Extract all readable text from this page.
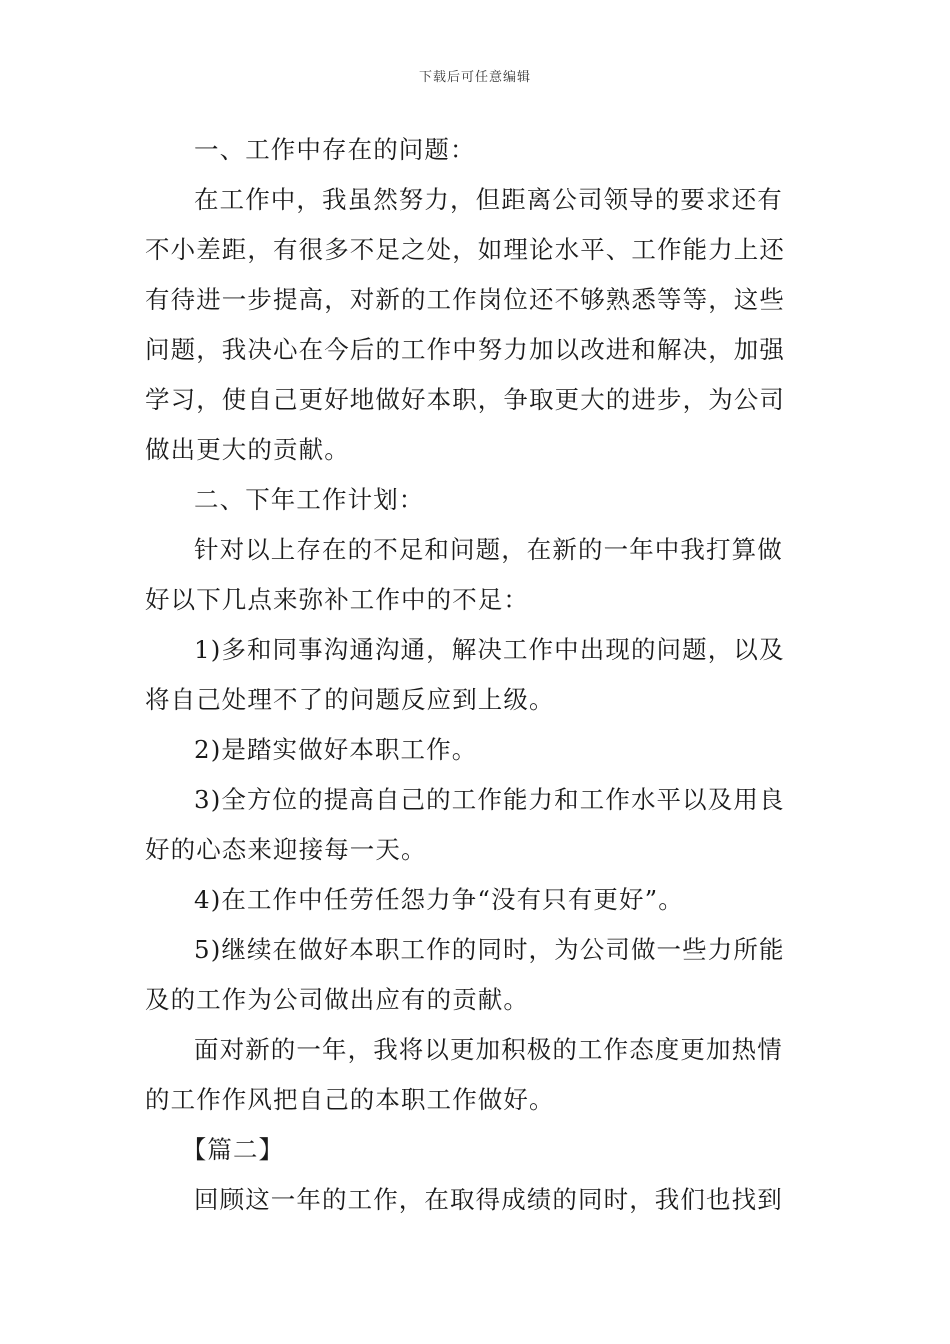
下载后可任意编辑

一、工作中存在的问题：

在工作中，我虽然努力，但距离公司领导的要求还有不小差距，有很多不足之处，如理论水平、工作能力上还有待进一步提高，对新的工作岗位还不够熟悉等等，这些问题，我决心在今后的工作中努力加以改进和解决，加强学习，使自己更好地做好本职，争取更大的进步，为公司做出更大的贡献。

二、下年工作计划：

针对以上存在的不足和问题，在新的一年中我打算做好以下几点来弥补工作中的不足：

1)多和同事沟通沟通，解决工作中出现的问题，以及将自己处理不了的问题反应到上级。

2)是踏实做好本职工作。

3)全方位的提高自己的工作能力和工作水平以及用良好的心态来迎接每一天。

4)在工作中任劳任怨力争“没有只有更好”。

5)继续在做好本职工作的同时，为公司做一些力所能及的工作为公司做出应有的贡献。

面对新的一年，我将以更加积极的工作态度更加热情的工作作风把自己的本职工作做好。

【篇二】

回顾这一年的工作，在取得成绩的同时，我们也找到
